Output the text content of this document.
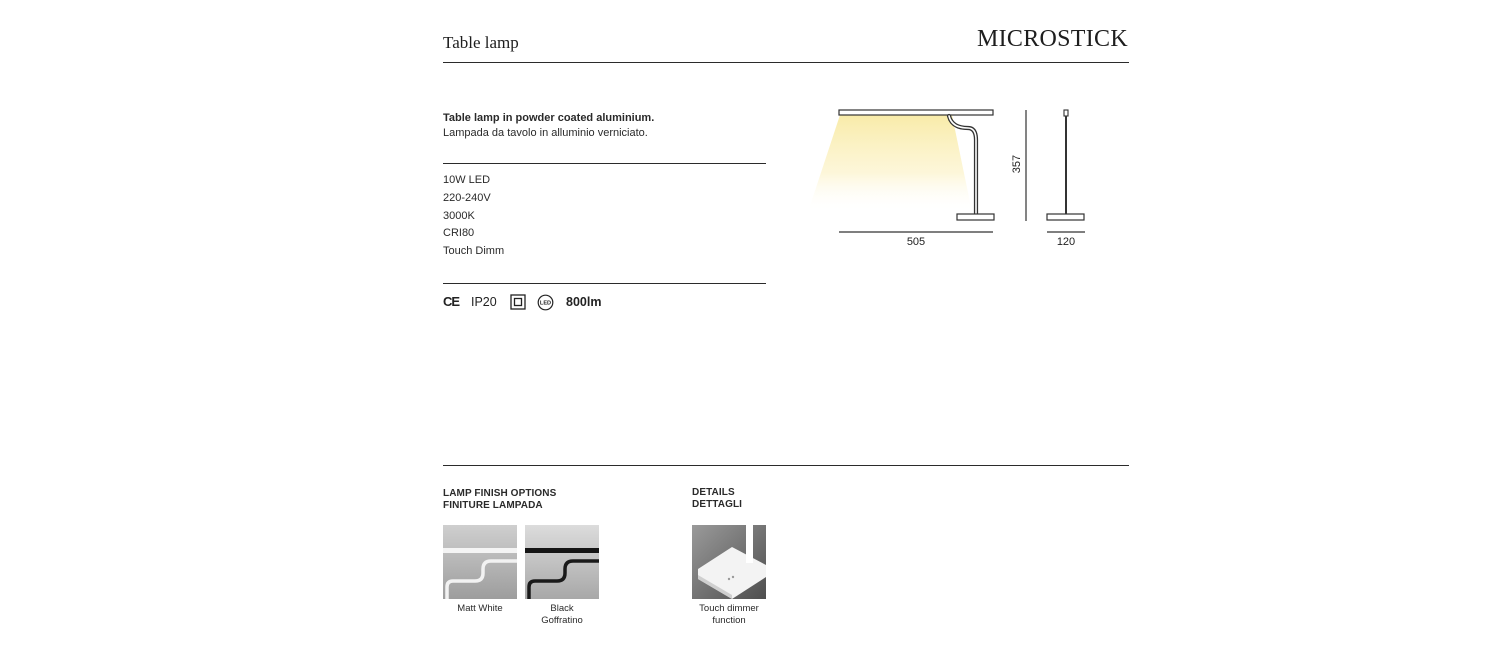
Table lamp	MICROSTICK
Table lamp in powder coated aluminium.
Lampada da tavolo in alluminio verniciato.
10W LED
220-240V
3000K
CRI80
Touch Dimm
CE IP20	LED 800lm
505
357
120
LAMP FINISH OPTIONS
FINITURE LAMPADA
Matt White	Black
Goffratino
DETAILS
DETTAGLI
Touch dimmer
function
